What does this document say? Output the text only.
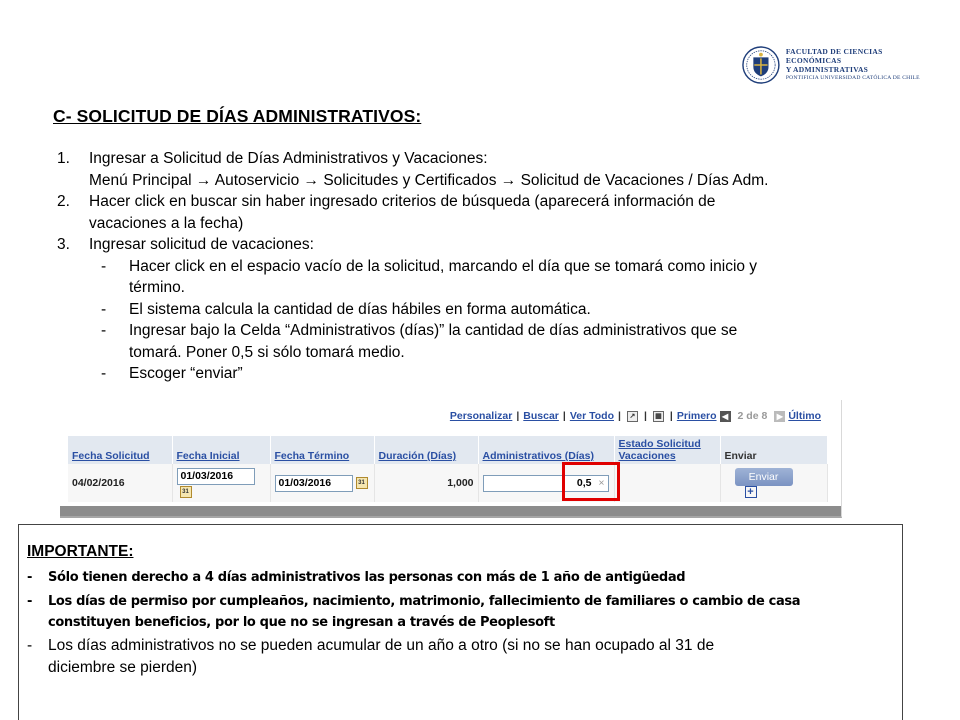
FACULTAD DE CIENCIAS ECONÓMICAS
Y ADMINISTRATIVAS
PONTIFICIA UNIVERSIDAD CATÓLICA DE CHILE
C- SOLICITUD DE DÍAS ADMINISTRATIVOS:
1.	Ingresar a Solicitud de Días Administrativos y Vacaciones:
Menú Principal → Autoservicio → Solicitudes y Certificados → Solicitud de Vacaciones / Días Adm.
2.	Hacer click en buscar sin haber ingresado criterios de búsqueda (aparecerá información de
vacaciones a la fecha)
3.	Ingresar solicitud de vacaciones:
-	Hacer click en el espacio vacío de la solicitud, marcando el día que se tomará como inicio y
término.
-	El sistema calcula la cantidad de días hábiles en forma automática.
-	Ingresar bajo la Celda “Administrativos (días)” la cantidad de días administrativos que se
tomará. Poner 0,5 si sólo tomará medio.
-	Escoger “enviar”
Personalizar | Buscar | Ver Todo |	↗ |	▦ | Primero ◀ 2 de 8	▶ Último
Fecha Solicitud	Fecha Inicial	Fecha Término	Duración (Días)	Administrativos (Días)	Estado Solicitud Vacaciones	Enviar
04/02/2016	01/03/201631	01/03/2016 31	1,000	0,5 ×		Enviar+
IMPORTANTE:
-	Sólo tienen derecho a 4 días administrativos las personas con más de 1 año de antigüedad
-	Los días de permiso por cumpleaños, nacimiento, matrimonio, fallecimiento de familiares o cambio de casa
constituyen beneficios, por lo que no se ingresan a través de Peoplesoft
-	Los días administrativos no se pueden acumular de un año a otro (si no se han ocupado al 31 de
diciembre se pierden)
